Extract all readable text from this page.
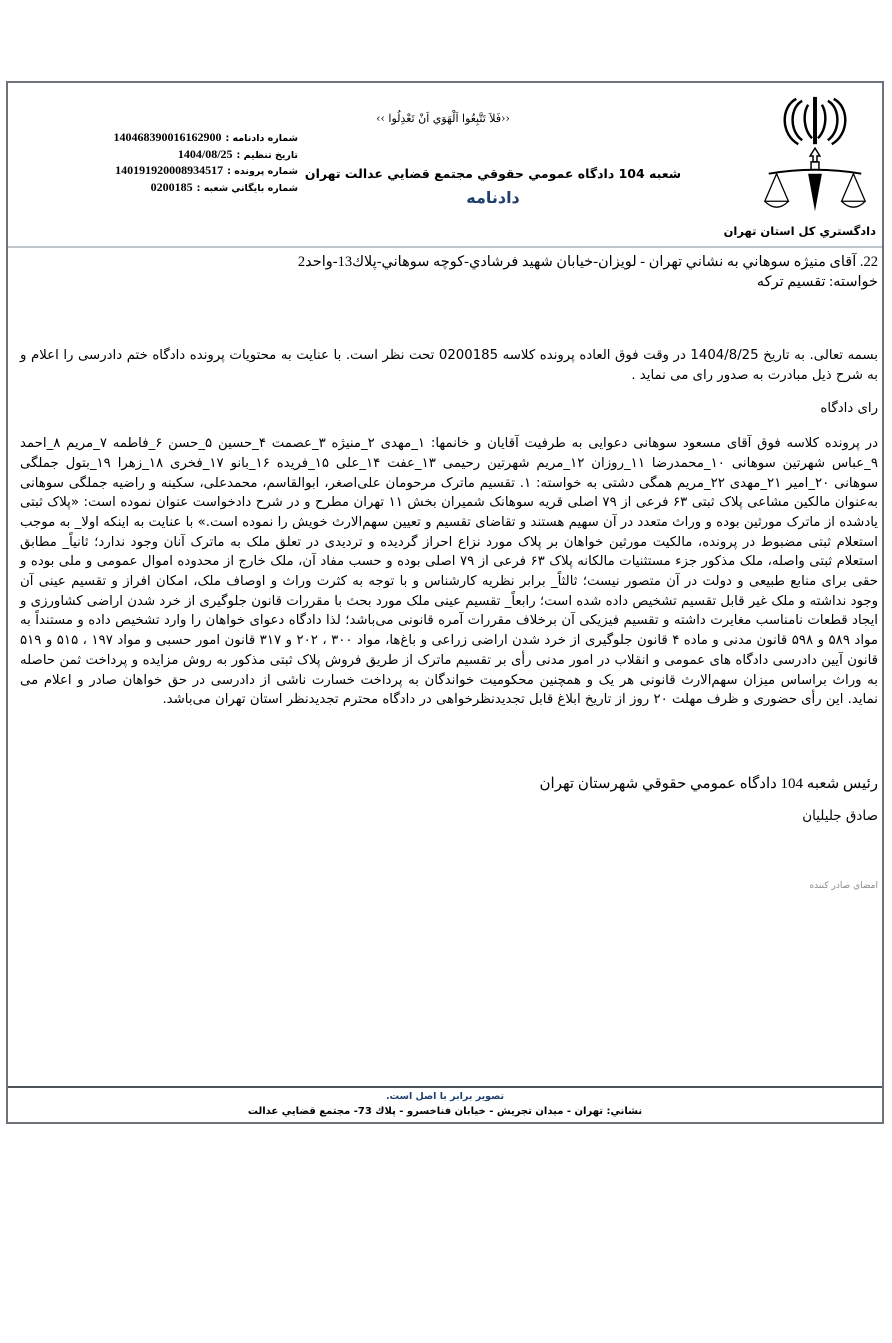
دادگستري كل استان تهران
‹‹فَلاَ تَتَّبِعُوا اَلْهَوَي اَنْ تَعْدِلُوا ››
شعبه 104 دادگاه عمومي حقوقي مجتمع قضايي عدالت تهران
دادنامه
شماره دادنامه : 140468390016162900
تاريخ تنظيم : 1404/08/25
شماره پرونده : 140191920008934517
شماره بايگاني شعبه : 0200185
22. آقای منيژه سوهاني به نشاني تهران - لويزان-خيابان شهيد فرشادي-كوچه سوهاني-پلاك13-واحد2
خواسته: تقسيم تركه
بسمه تعالی. به تاريخ 1404/8/25 در وقت فوق العاده پرونده كلاسه 0200185 تحت نظر است. با عنايت به محتويات پرونده دادگاه ختم دادرسی را اعلام و به شرح ذيل مبادرت به صدور رای می نمايد .
رای دادگاه
در پرونده کلاسه فوق آقای مسعود سوهانی دعوایی به طرفیت آقایان و خانمها: ۱_مهدی ۲_منیژه ۳_عصمت ۴_حسین ۵_حسن ۶_فاطمه ۷_مریم ۸_احمد ۹_عباس شهرتین سوهانی ۱۰_محمدرضا ۱۱_روزان ۱۲_مریم شهرتین رحیمی ۱۳_عفت ۱۴_علی ۱۵_فریده ۱۶_بانو ۱۷_فخری ۱۸_زهرا ۱۹_بتول جملگی سوهانی ۲۰_امیر ۲۱_مهدی ۲۲_مریم همگی دشتی به خواسته: ۱. تقسیم ماترک مرحومان علی‌اصغر، ابوالقاسم، محمدعلی، سکینه و راضیه جملگی سوهانی به‌عنوان مالکین مشاعی پلاک ثبتی ۶۳ فرعی از ۷۹ اصلی قریه سوهانک شمیران بخش ۱۱ تهران مطرح و در شرح دادخواست عنوان نموده است: «پلاک ثبتی یادشده از ماترک مورثین بوده و وراث متعدد در آن سهیم هستند و تقاضای تقسیم و تعیین سهم‌الارث خویش را نموده است.» با عنایت به اینکه اولا_ به موجب استعلام ثبتی مضبوط در پرونده، مالکیت مورثین خواهان بر پلاک مورد نزاع احراز گردیده و تردیدی در تعلق ملک به ماترک آنان وجود ندارد؛ ثانیاً_ مطابق استعلام ثبتی واصله، ملک مذکور جزء مستثنیات مالکانه پلاک ۶۳ فرعی از ۷۹ اصلی بوده و حسب مفاد آن، ملک خارج از محدوده اموال عمومی و ملی بوده و حقی برای منابع طبیعی و دولت در آن متصور نیست؛ ثالثاً_ برابر نظریه کارشناس و با توجه به کثرت وراث و اوصاف ملک، امکان افراز و تقسیم عینی آن وجود نداشته و ملک غیر قابل تقسیم تشخیص داده شده است؛ رابعاً_ تقسیم عینی ملک مورد بحث با مقررات قانون جلوگیری از خرد شدن اراضی کشاورزی و ایجاد قطعات نامناسب مغایرت داشته و تقسیم فیزیکی آن برخلاف مقررات آمره قانونی می‌باشد؛ لذا دادگاه دعوای خواهان را وارد تشخیص داده و مستنداً به مواد ۵۸۹ و ۵۹۸ قانون مدنی و ماده ۴ قانون جلوگیری از خرد شدن اراضی زراعی و باغ‌ها، مواد ۳۰۰ ، ۲۰۲ و ۳۱۷ قانون امور حسبی و مواد ۱۹۷ ، ۵۱۵ و ۵۱۹ قانون آیین دادرسی دادگاه های عمومی و انقلاب در امور مدنی رأی بر تقسیم ماترک از طریق فروش پلاک ثبتی مذکور به روش مزایده و پرداخت ثمن حاصله به وراث براساس میزان سهم‌الارث قانونی هر یک و همچنین محکومیت خواندگان به پرداخت خسارت ناشی از دادرسی در حق خواهان صادر و اعلام می نماید. این رأی حضوری و ظرف مهلت ۲۰ روز از تاریخ ابلاغ قابل تجدیدنظرخواهی در دادگاه محترم تجدیدنظر استان تهران می‌باشد.
رئيس شعبه 104 دادگاه عمومي حقوقي شهرستان تهران
صادق جليليان
امضاي صادر كننده
تصوير برابر با اصل است.
نشاني: تهران - ميدان تجريش - خيابان فناخسرو - پلاك 73- مجتمع قضايي عدالت
